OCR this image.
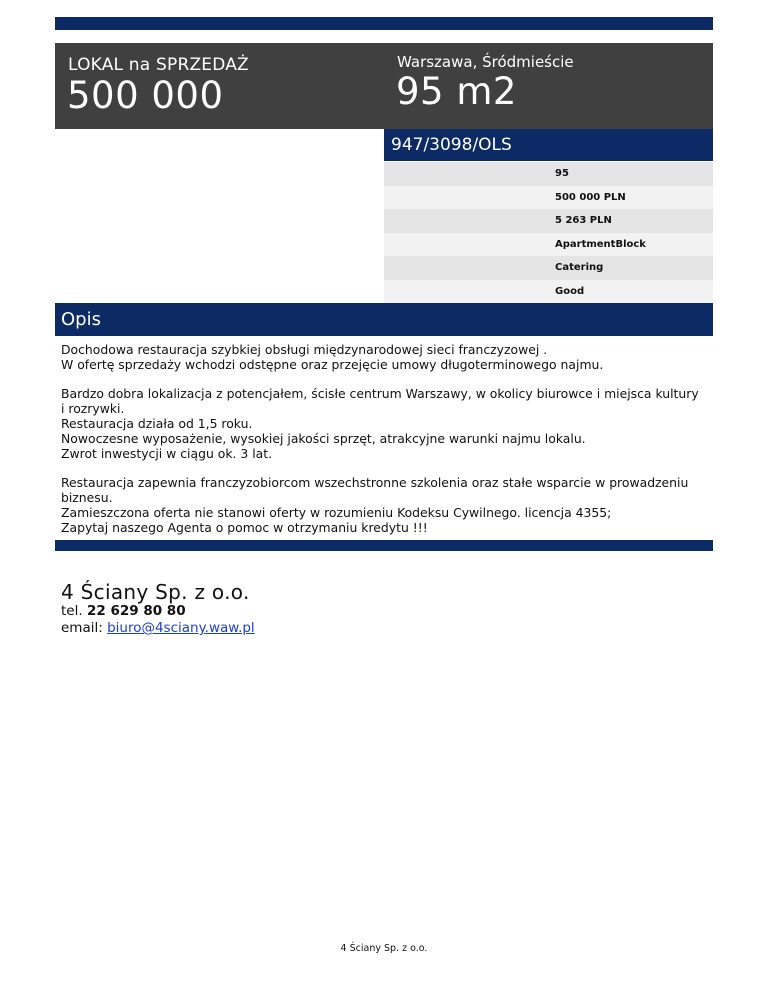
LOKAL na SPRZEDAŻ
500 000
Warszawa, Śródmieście
95 m2
947/3098/OLS
95
500 000 PLN
5 263 PLN
ApartmentBlock
Catering
Good
Opis

Dochodowa restauracja szybkiej obsługi międzynarodowej sieci franczyzowej .
W ofertę sprzedaży wchodzi odstępne oraz przejęcie umowy długoterminowego najmu.

Bardzo dobra lokalizacja z potencjałem, ścisłe centrum Warszawy, w okolicy biurowce i miejsca kultury i rozrywki.
Restauracja działa od 1,5 roku.
Nowoczesne wyposażenie, wysokiej jakości sprzęt, atrakcyjne warunki najmu lokalu.
Zwrot inwestycji w ciągu ok. 3 lat.

Restauracja zapewnia franczyzobiorcom wszechstronne szkolenia oraz stałe wsparcie w prowadzeniu biznesu.
Zamieszczona oferta nie stanowi oferty w rozumieniu Kodeksu Cywilnego. licencja 4355;
Zapytaj naszego Agenta o pomoc w otrzymaniu kredytu !!!

4 Ściany Sp. z o.o.
tel. 22 629 80 80
email: biuro@4sciany.waw.pl
4 Ściany Sp. z o.o.
